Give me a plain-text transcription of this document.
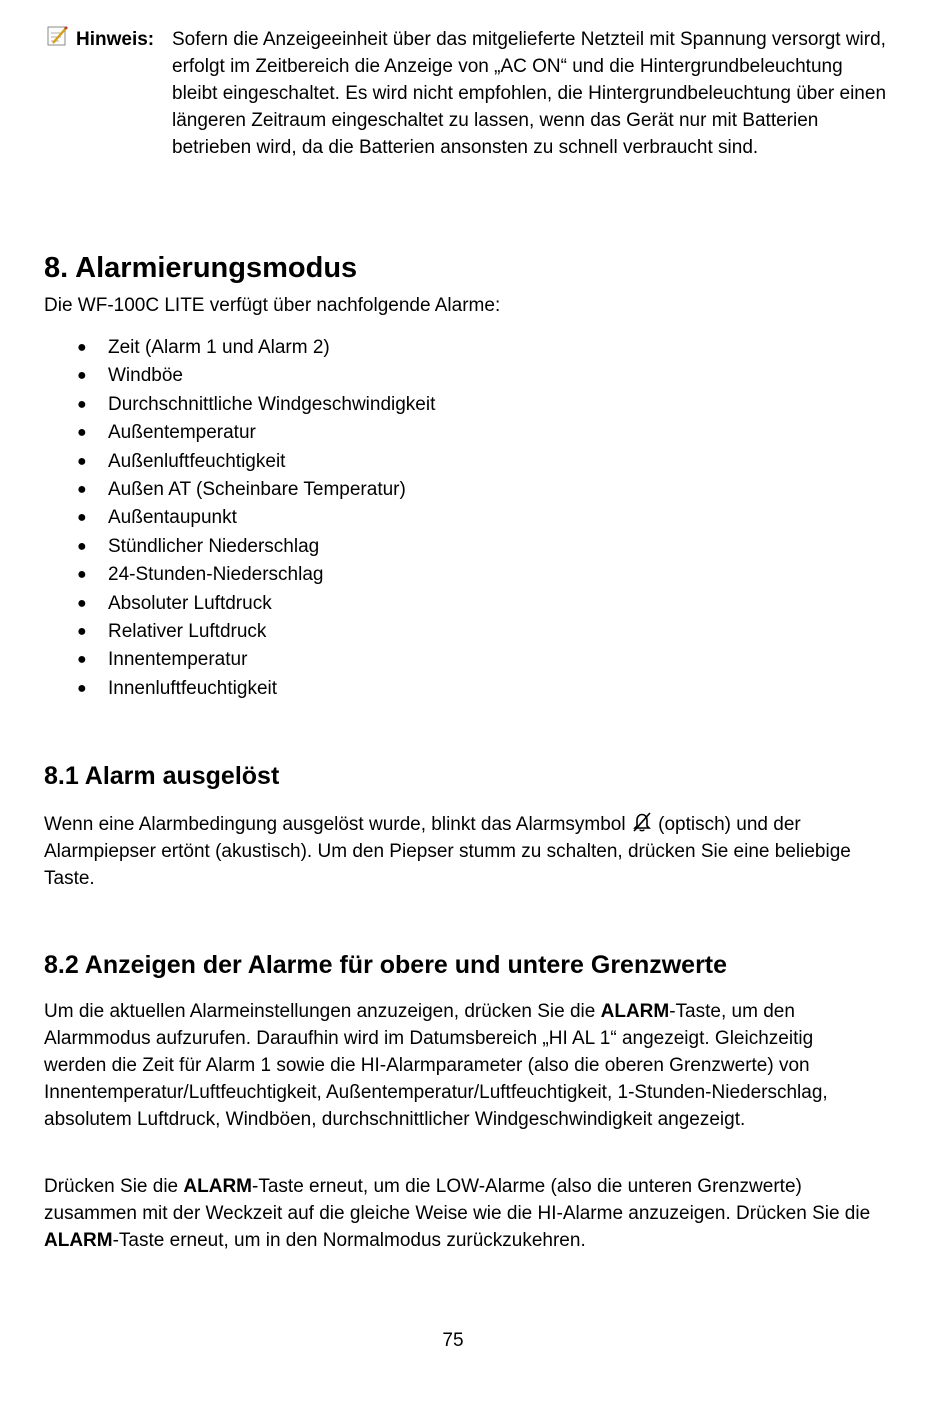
Hinweis: Sofern die Anzeigeeinheit über das mitgelieferte Netzteil mit Spannung versorgt wird, erfolgt im Zeitbereich die Anzeige von „AC ON“ und die Hintergrundbeleuchtung bleibt eingeschaltet. Es wird nicht empfohlen, die Hintergrundbeleuchtung über einen längeren Zeitraum eingeschaltet zu lassen, wenn das Gerät nur mit Batterien betrieben wird, da die Batterien ansonsten zu schnell verbraucht sind.

8. Alarmierungsmodus

Die WF-100C LITE verfügt über nachfolgende Alarme:

● Zeit (Alarm 1 und Alarm 2)
● Windböe
● Durchschnittliche Windgeschwindigkeit
● Außentemperatur
● Außenluftfeuchtigkeit
● Außen AT (Scheinbare Temperatur)
● Außentaupunkt
● Stündlicher Niederschlag
● 24-Stunden-Niederschlag
● Absoluter Luftdruck
● Relativer Luftdruck
● Innentemperatur
● Innenluftfeuchtigkeit
8.1 Alarm ausgelöst

Wenn eine Alarmbedingung ausgelöst wurde, blinkt das Alarmsymbol  (optisch) und der Alarmpiepser ertönt (akustisch). Um den Piepser stumm zu schalten, drücken Sie eine beliebige Taste.

8.2 Anzeigen der Alarme für obere und untere Grenzwerte

Um die aktuellen Alarmeinstellungen anzuzeigen, drücken Sie die ALARM-Taste, um den Alarmmodus aufzurufen. Daraufhin wird im Datumsbereich „HI AL 1“ angezeigt. Gleichzeitig werden die Zeit für Alarm 1 sowie die HI-Alarmparameter (also die oberen Grenzwerte) von Innentemperatur/Luftfeuchtigkeit, Außentemperatur/Luftfeuchtigkeit, 1-Stunden-Niederschlag, absolutem Luftdruck, Windböen, durchschnittlicher Windgeschwindigkeit angezeigt.

Drücken Sie die ALARM-Taste erneut, um die LOW-Alarme (also die unteren Grenzwerte) zusammen mit der Weckzeit auf die gleiche Weise wie die HI-Alarme anzuzeigen. Drücken Sie die ALARM-Taste erneut, um in den Normalmodus zurückzukehren.

75
